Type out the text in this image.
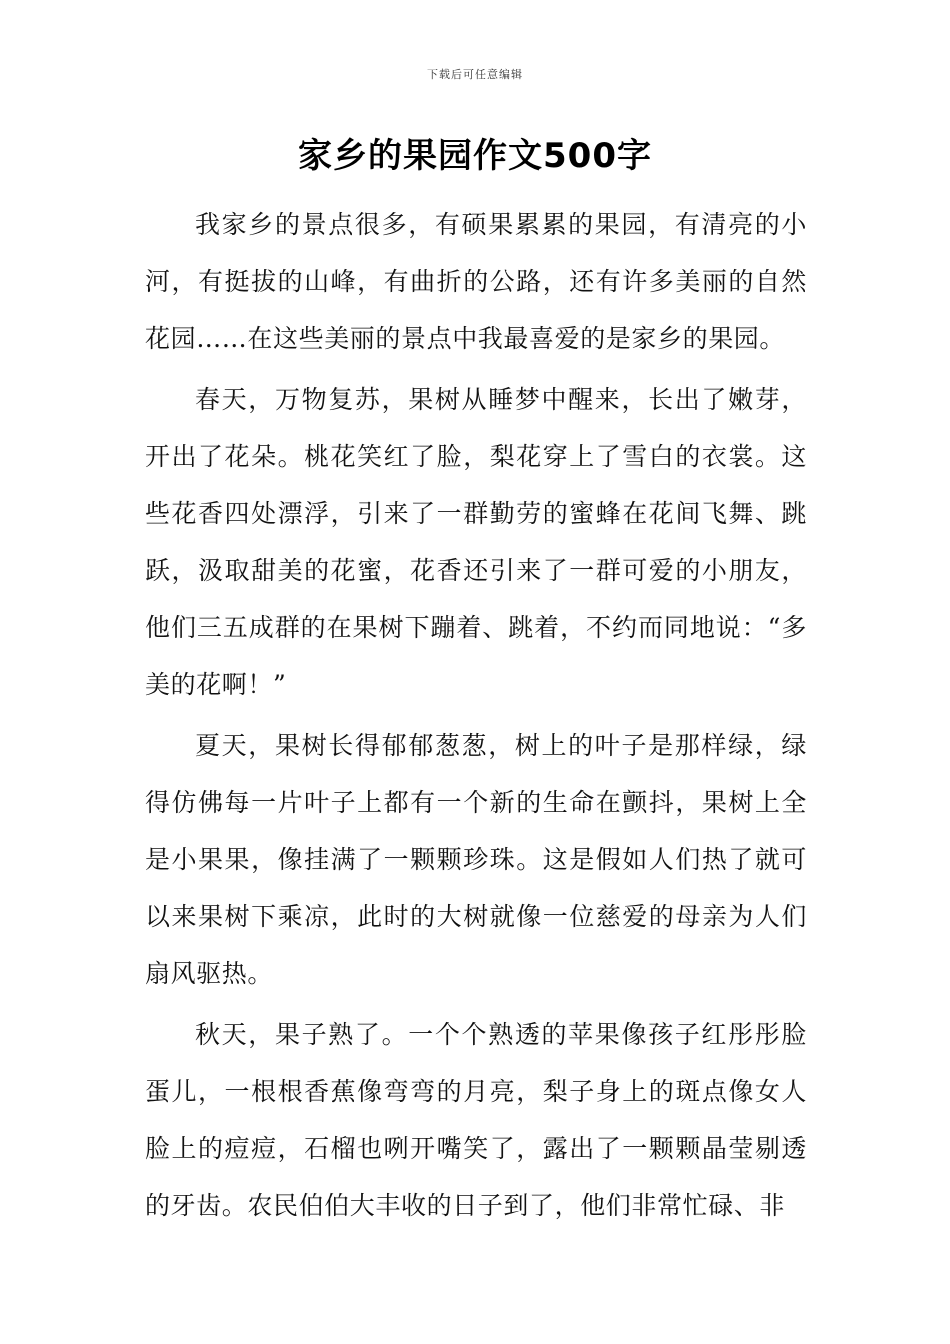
下载后可任意编辑
家乡的果园作文500字

我家乡的景点很多，有硕果累累的果园，有清亮的小河，有挺拔的山峰，有曲折的公路，还有许多美丽的自然花园……在这些美丽的景点中我最喜爱的是家乡的果园。

春天，万物复苏，果树从睡梦中醒来，长出了嫩芽，开出了花朵。桃花笑红了脸，梨花穿上了雪白的衣裳。这些花香四处漂浮，引来了一群勤劳的蜜蜂在花间飞舞、跳跃，汲取甜美的花蜜，花香还引来了一群可爱的小朋友，他们三五成群的在果树下蹦着、跳着，不约而同地说：“多美的花啊！”

夏天，果树长得郁郁葱葱，树上的叶子是那样绿，绿得仿佛每一片叶子上都有一个新的生命在颤抖，果树上全是小果果，像挂满了一颗颗珍珠。这是假如人们热了就可以来果树下乘凉，此时的大树就像一位慈爱的母亲为人们扇风驱热。

秋天，果子熟了。一个个熟透的苹果像孩子红彤彤脸蛋儿，一根根香蕉像弯弯的月亮，梨子身上的斑点像女人脸上的痘痘，石榴也咧开嘴笑了，露出了一颗颗晶莹剔透的牙齿。农民伯伯大丰收的日子到了，他们非常忙碌、非
